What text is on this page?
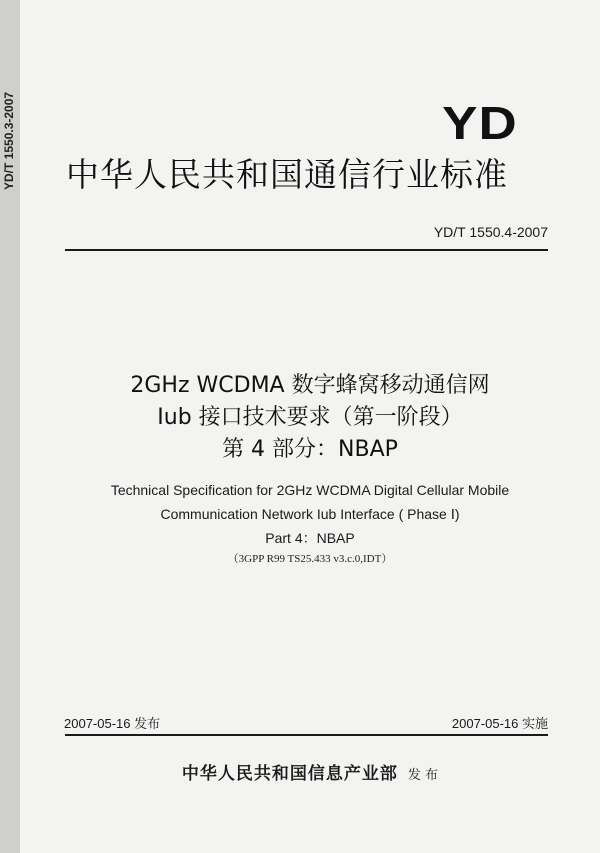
YD/T 1550.3-2007	YD
中华人民共和国通信行业标准
YD/T 1550.4-2007
2GHz WCDMA 数字蜂窝移动通信网
Iub 接口技术要求（第一阶段）
第 4 部分：NBAP
Technical Specification for 2GHz WCDMA Digital Cellular Mobile
Communication Network Iub Interface ( Phase Ⅰ)
Part 4：NBAP
（3GPP R99 TS25.433 v3.c.0,IDT）
2007-05-16 发布	2007-05-16 实施
中华人民共和国信息产业部 发 布
